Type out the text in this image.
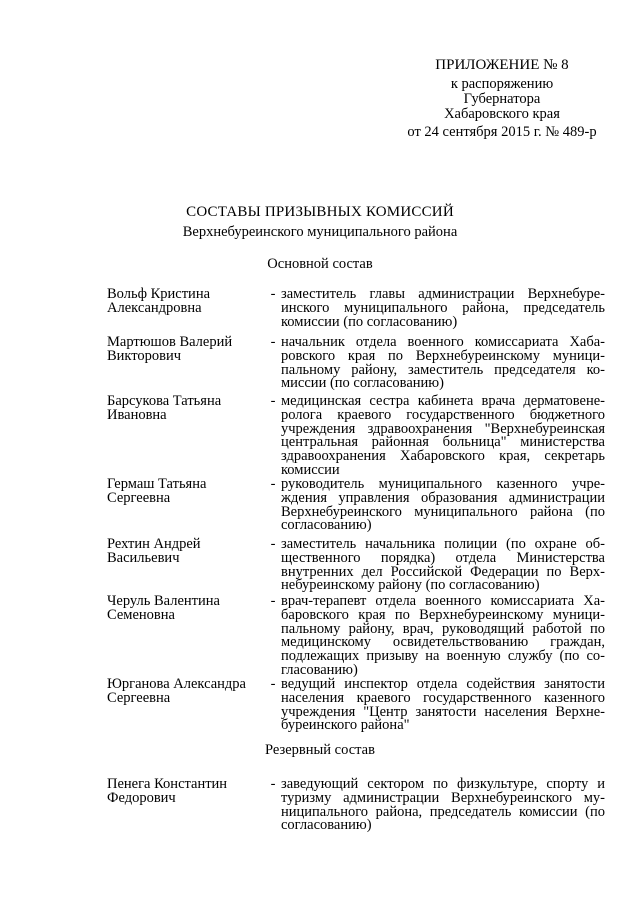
ПРИЛОЖЕНИЕ № 8
к распоряжению
Губернатора
Хабаровского края
от 24 сентября 2015 г. № 489-р
СОСТАВЫ ПРИЗЫВНЫХ КОМИССИЙ
Верхнебуреинского муниципального района
Основной состав
Вольф Кристина
Александровна
- заместитель главы администрации Верхнебуре-
инского муниципального района, председатель
комиссии (по согласованию)
Мартюшов Валерий
Викторович
- начальник отдела военного комиссариата Хаба-
ровского края по Верхнебуреинскому муници-
пальному району, заместитель председателя ко-
миссии (по согласованию)
Барсукова Татьяна
Ивановна
- медицинская сестра кабинета врача дерматовене-
ролога краевого государственного бюджетного
учреждения здравоохранения "Верхнебуреинская
центральная районная больница" министерства
здравоохранения Хабаровского края, секретарь
комиссии
Гермаш Татьяна
Сергеевна
- руководитель муниципального казенного учре-
ждения управления образования администрации
Верхнебуреинского муниципального района (по
согласованию)
Рехтин Андрей
Васильевич
- заместитель начальника полиции (по охране об-
щественного порядка) отдела Министерства
внутренних дел Российской Федерации по Верх-
небуреинскому району (по согласованию)
Черуль Валентина
Семеновна
- врач-терапевт отдела военного комиссариата Ха-
баровского края по Верхнебуреинскому муници-
пальному району, врач, руководящий работой по
медицинскому освидетельствованию граждан,
подлежащих призыву на военную службу (по со-
гласованию)
Юрганова Александра
Сергеевна
- ведущий инспектор отдела содействия занятости
населения краевого государственного казенного
учреждения "Центр занятости населения Верхне-
буреинского района"
Резервный состав
Пенега Константин
Федорович
- заведующий сектором по физкультуре, спорту и
туризму администрации Верхнебуреинского му-
ниципального района, председатель комиссии (по
согласованию)
